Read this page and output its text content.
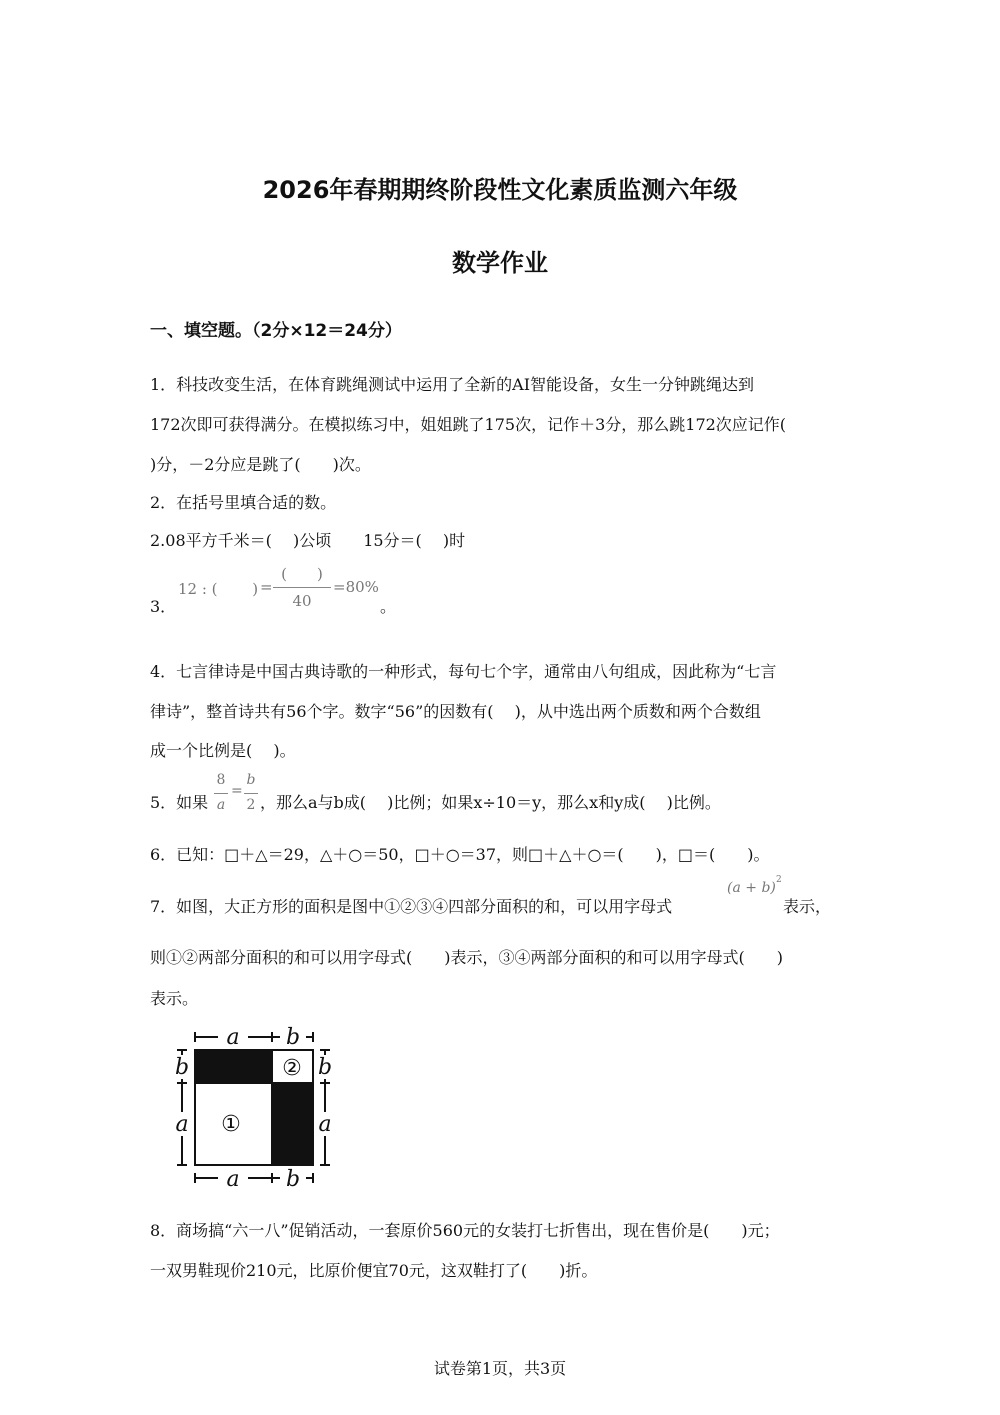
2026年春期期终阶段性文化素质监测六年级
数学作业
一、填空题。（2分×12＝24分）
1．科技改变生活，在体育跳绳测试中运用了全新的AI智能设备，女生一分钟跳绳达到
172次即可获得满分。在模拟练习中，姐姐跳了175次，记作＋3分，那么跳172次应记作(
)分，－2分应是跳了(　　)次。
2．在括号里填合适的数。
2.08平方千米＝(　 )公顷　　15分＝(　 )时
3．
12 : (　　 ) =
(　　)
40
=80%
。
4．七言律诗是中国古典诗歌的一种形式，每句七个字，通常由八句组成，因此称为“七言
律诗”，整首诗共有56个字。数字“56”的因数有(　 )，从中选出两个质数和两个合数组
成一个比例是(　 )。
5．如果
8
a
=
b
2 ，那么a与b成(　 )比例；如果x÷10＝y，那么x和y成(　 )比例。
6．已知：□＋△＝29，△＋○＝50，□＋○＝37，则□＋△＋○＝(　　)，□＝(　　)。
7．如图，大正方形的面积是图中①②③④四部分面积的和，可以用字母式
(a + b) 2
表示，
则①②两部分面积的和可以用字母式(　　)表示，③④两部分面积的和可以用字母式(　　)
表示。
a b
a b
b
a
b
a
①
②
8．商场搞“六一八”促销活动，一套原价560元的女装打七折售出，现在售价是(　　)元；
一双男鞋现价210元，比原价便宜70元，这双鞋打了(　　)折。
试卷第1页，共3页
